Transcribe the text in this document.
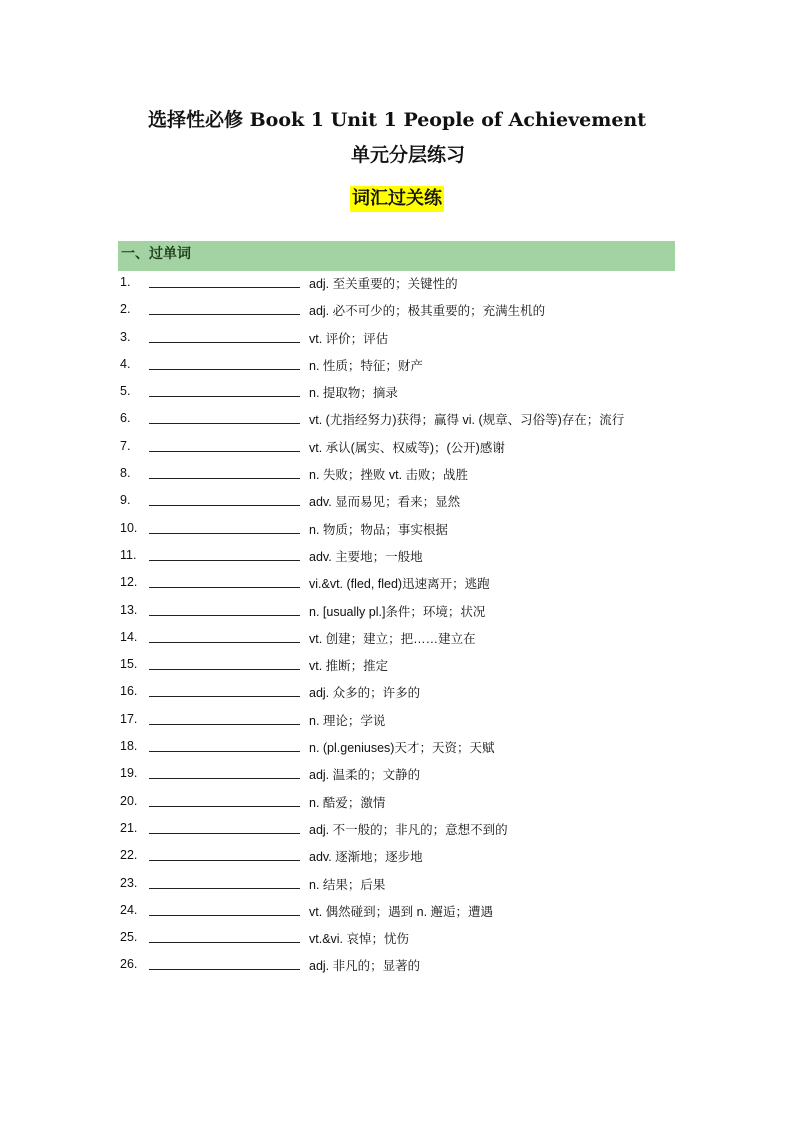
选择性必修 Book 1 Unit 1 People of Achievement
单元分层练习
词汇过关练
一、过单词
1.	adj. 至关重要的；关键性的
2.	adj. 必不可少的；极其重要的；充满生机的
3.	vt. 评价；评估
4.	n. 性质；特征；财产
5.	n. 提取物；摘录
6.	vt. (尤指经努力)获得；赢得 vi. (规章、习俗等)存在；流行
7.	vt. 承认(属实、权威等)；(公开)感谢
8.	n. 失败；挫败 vt. 击败；战胜
9.	adv. 显而易见；看来；显然
10.	n. 物质；物品；事实根据
11.	adv. 主要地；一般地
12.	vi.&vt. (fled, fled)迅速离开；逃跑
13.	n. [usually pl.]条件；环境；状况
14.	vt. 创建；建立；把……建立在
15.	vt. 推断；推定
16.	adj. 众多的；许多的
17.	n. 理论；学说
18.	n. (pl.geniuses)天才；天资；天赋
19.	adj. 温柔的；文静的
20.	n. 酷爱；激情
21.	adj. 不一般的；非凡的；意想不到的
22.	adv. 逐渐地；逐步地
23.	n. 结果；后果
24.	vt. 偶然碰到；遇到 n. 邂逅；遭遇
25.	vt.&vi. 哀悼；忧伤
26.	adj. 非凡的；显著的
